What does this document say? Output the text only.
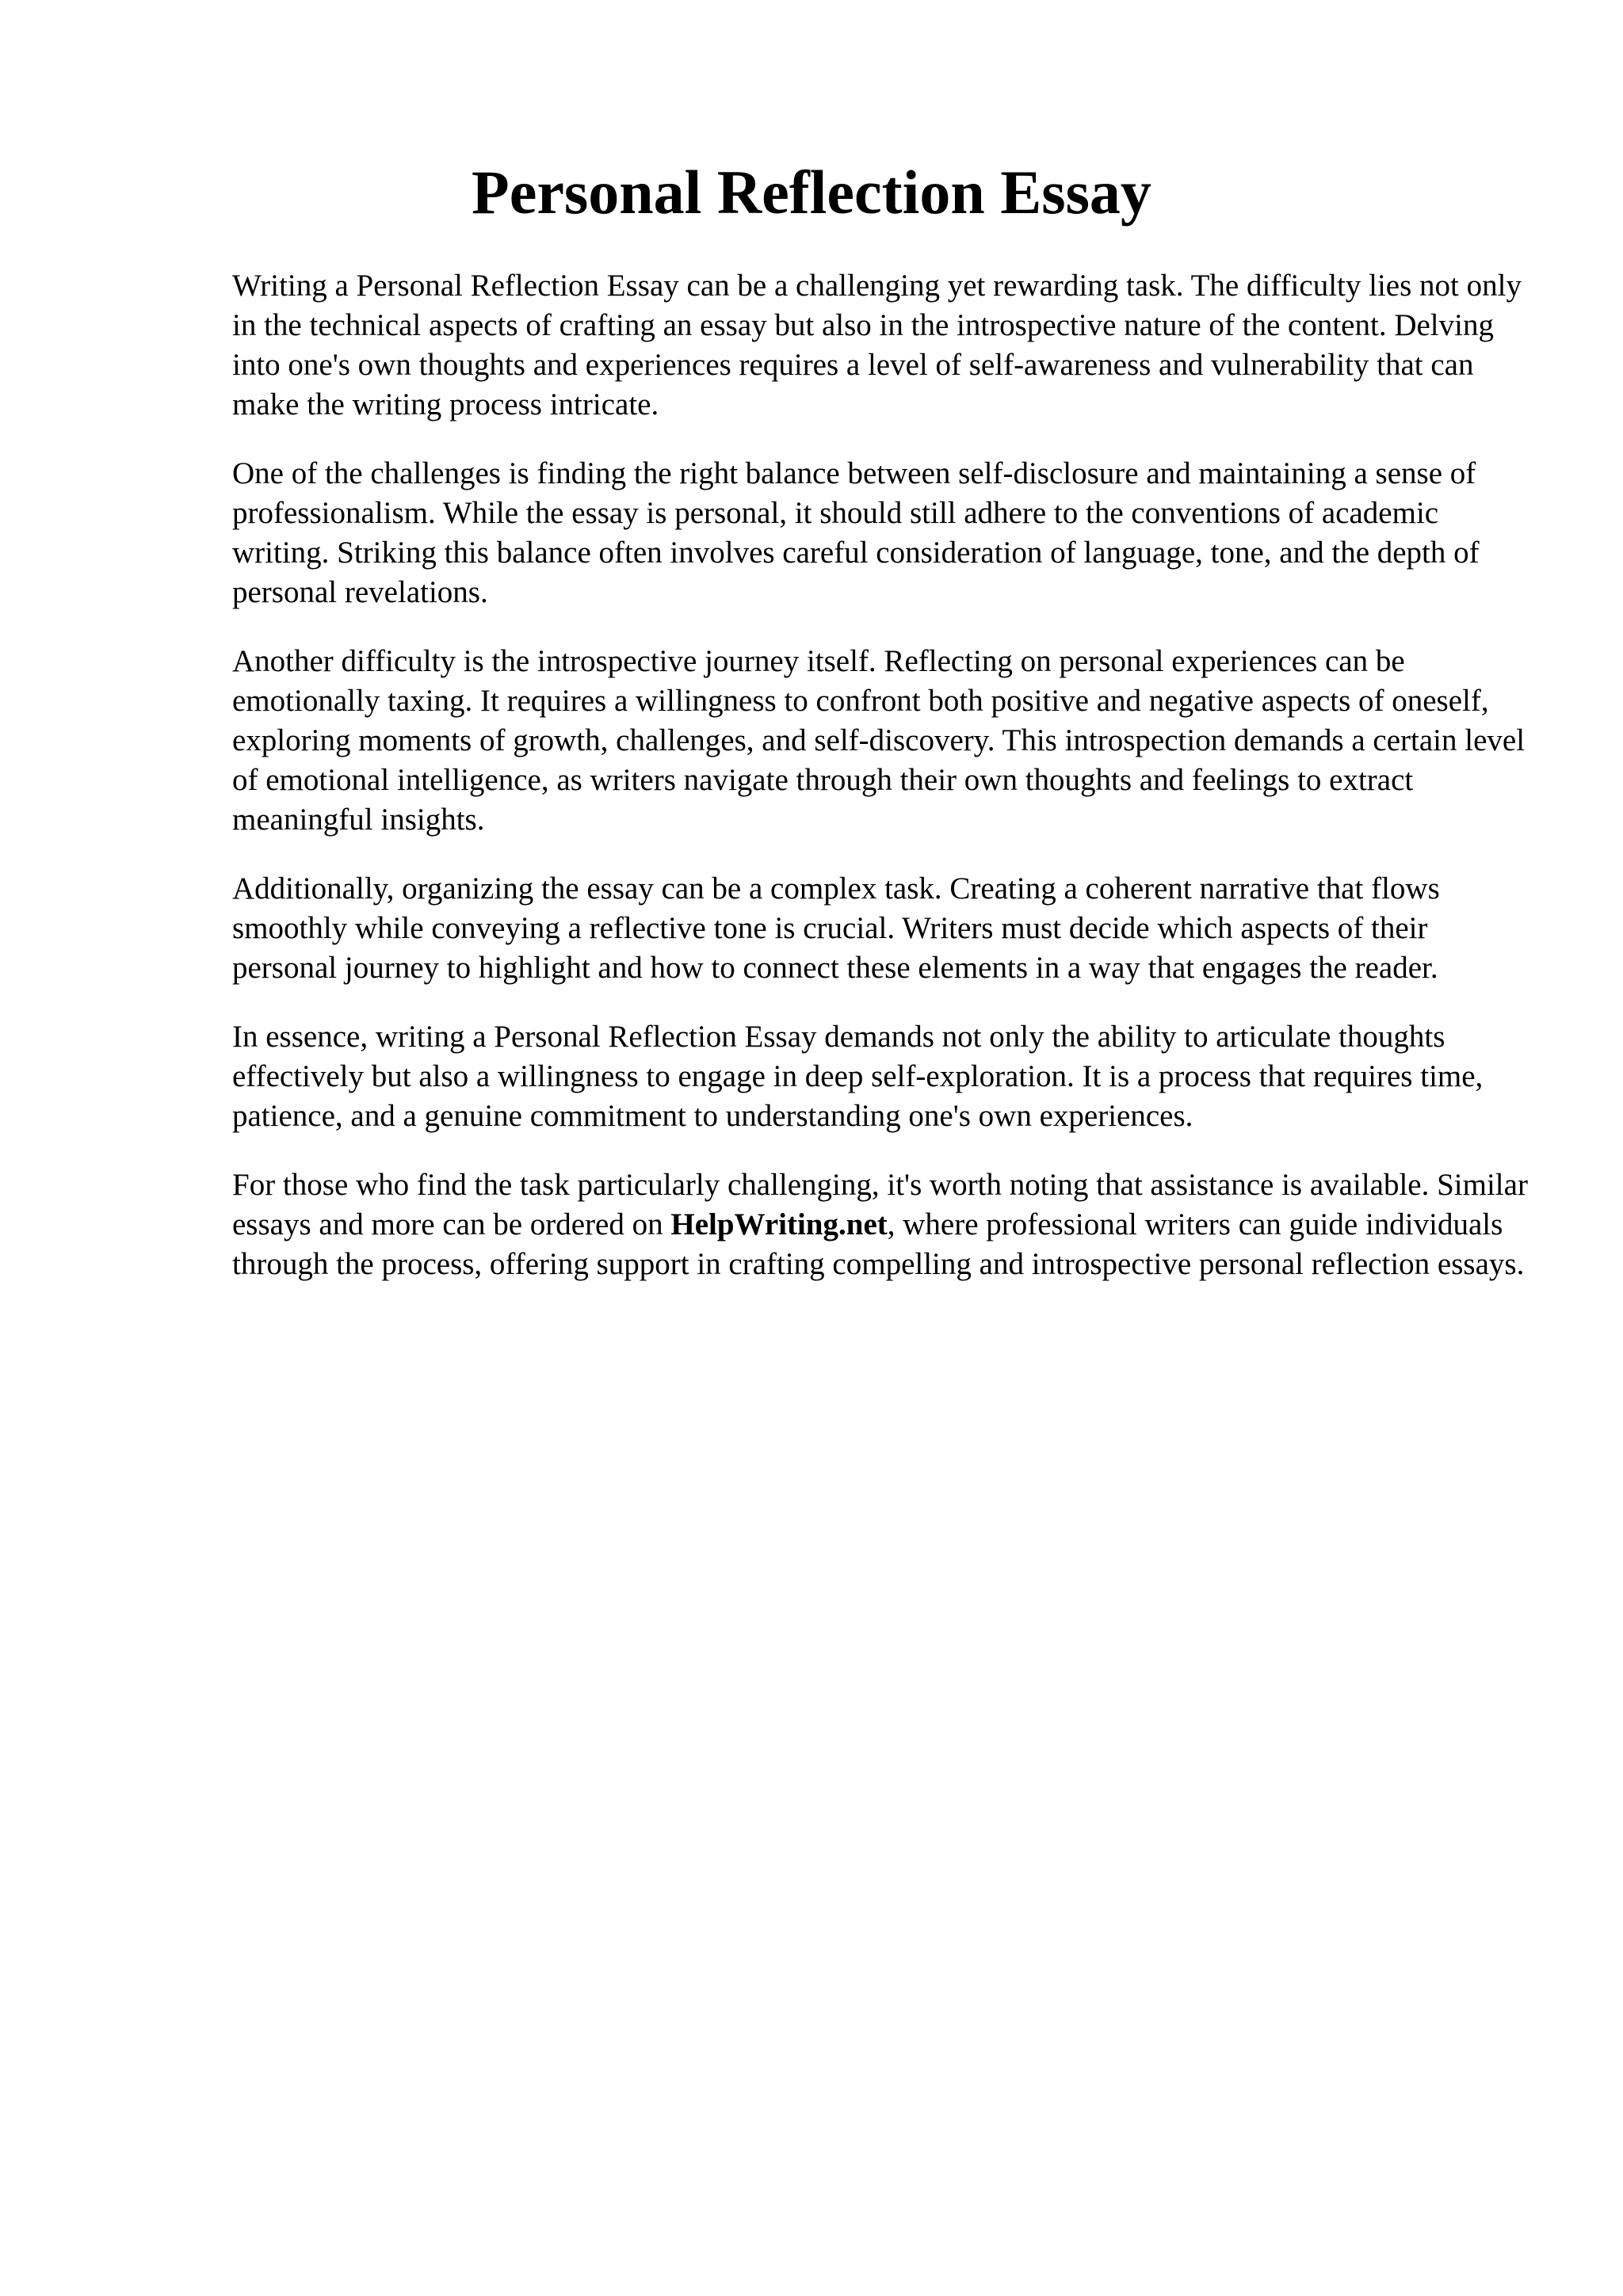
Personal Reflection Essay

Writing a Personal Reflection Essay can be a challenging yet rewarding task. The difficulty lies not only in the technical aspects of crafting an essay but also in the introspective nature of the content. Delving into one's own thoughts and experiences requires a level of self-awareness and vulnerability that can make the writing process intricate.

One of the challenges is finding the right balance between self-disclosure and maintaining a sense of professionalism. While the essay is personal, it should still adhere to the conventions of academic writing. Striking this balance often involves careful consideration of language, tone, and the depth of personal revelations.

Another difficulty is the introspective journey itself. Reflecting on personal experiences can be emotionally taxing. It requires a willingness to confront both positive and negative aspects of oneself, exploring moments of growth, challenges, and self-discovery. This introspection demands a certain level of emotional intelligence, as writers navigate through their own thoughts and feelings to extract meaningful insights.

Additionally, organizing the essay can be a complex task. Creating a coherent narrative that flows smoothly while conveying a reflective tone is crucial. Writers must decide which aspects of their personal journey to highlight and how to connect these elements in a way that engages the reader.

In essence, writing a Personal Reflection Essay demands not only the ability to articulate thoughts effectively but also a willingness to engage in deep self-exploration. It is a process that requires time, patience, and a genuine commitment to understanding one's own experiences.

For those who find the task particularly challenging, it's worth noting that assistance is available. Similar essays and more can be ordered on HelpWriting.net, where professional writers can guide individuals through the process, offering support in crafting compelling and introspective personal reflection essays.
